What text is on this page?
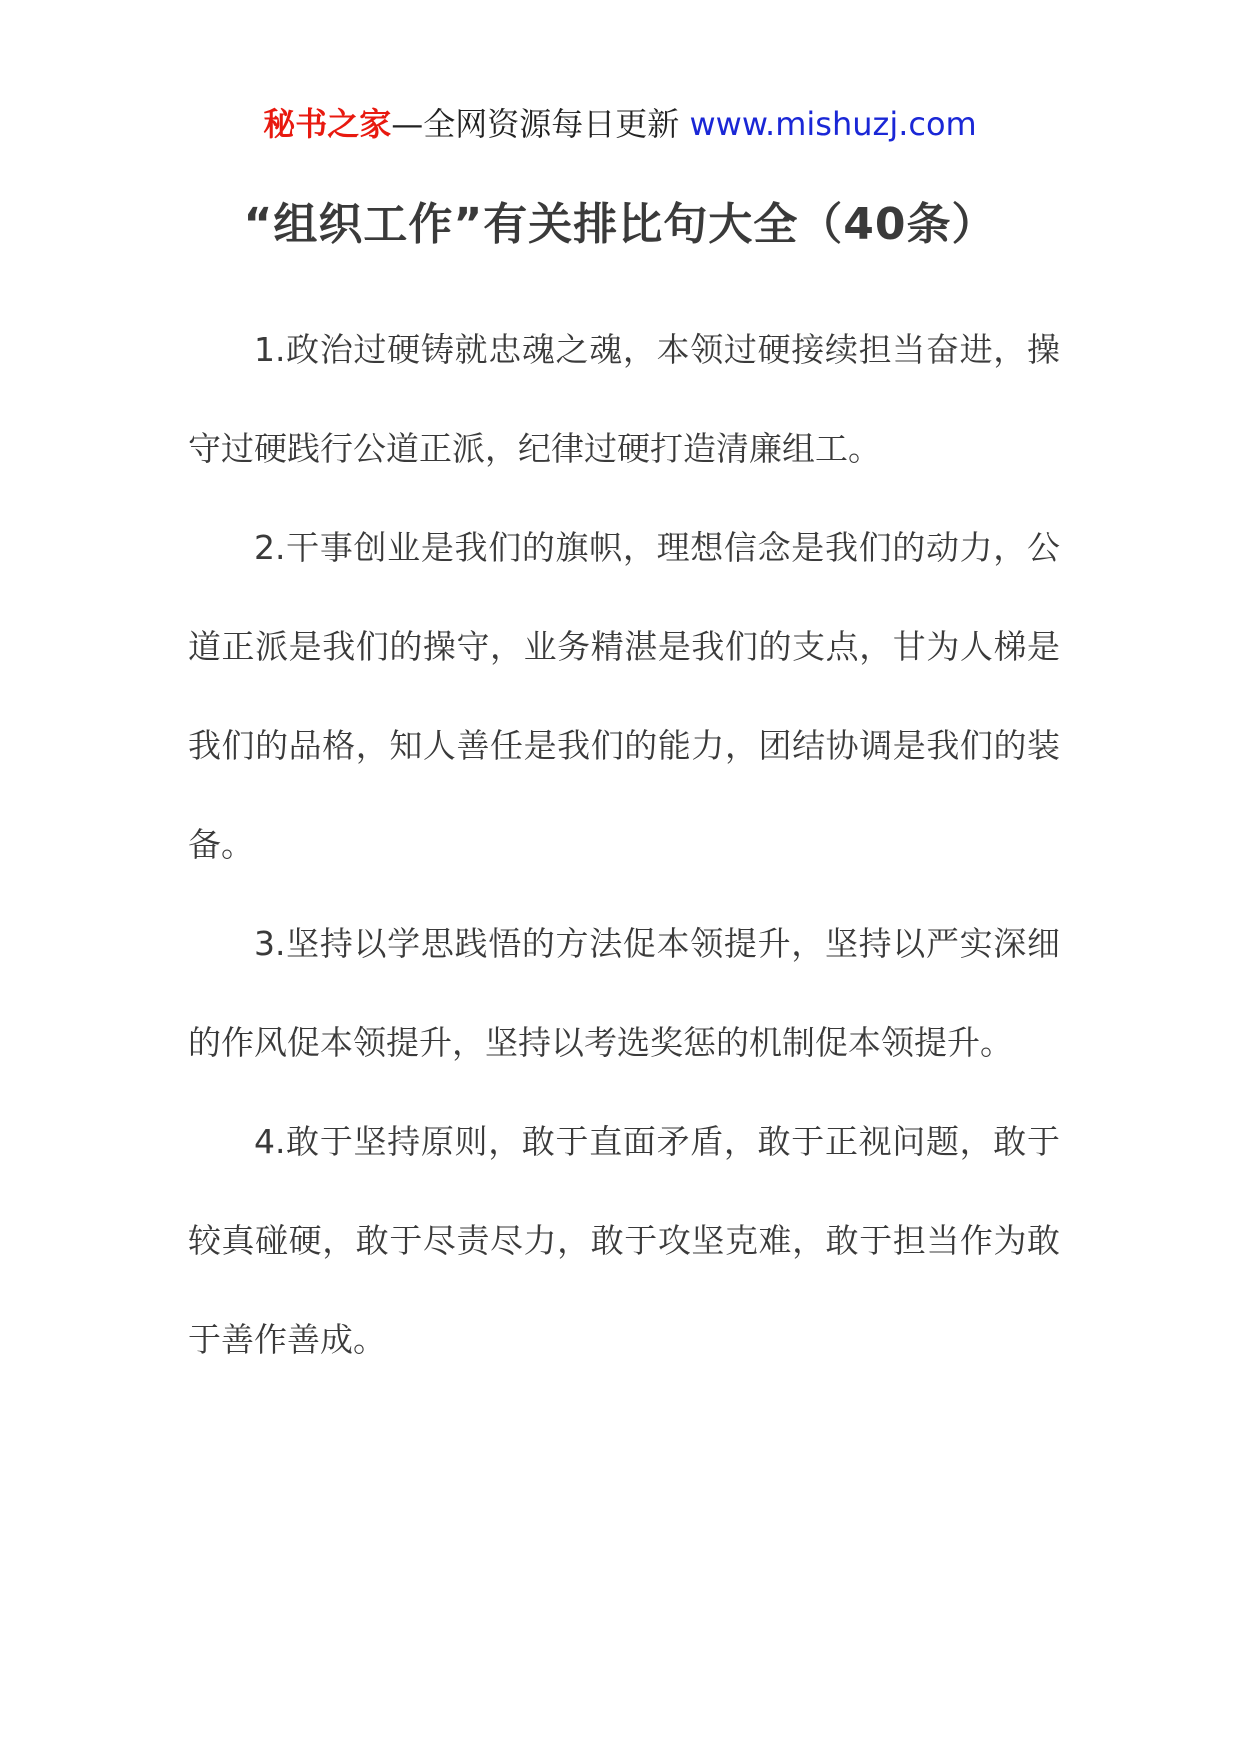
秘书之家—全网资源每日更新 www.mishuzj.com
“组织工作”有关排比句大全（40条）

1.政治过硬铸就忠魂之魂，本领过硬接续担当奋进，操守过硬践行公道正派，纪律过硬打造清廉组工。

2.干事创业是我们的旗帜，理想信念是我们的动力，公道正派是我们的操守，业务精湛是我们的支点，甘为人梯是我们的品格，知人善任是我们的能力，团结协调是我们的装备。

3.坚持以学思践悟的方法促本领提升，坚持以严实深细的作风促本领提升，坚持以考选奖惩的机制促本领提升。

4.敢于坚持原则，敢于直面矛盾，敢于正视问题，敢于较真碰硬，敢于尽责尽力，敢于攻坚克难，敢于担当作为敢于善作善成。
